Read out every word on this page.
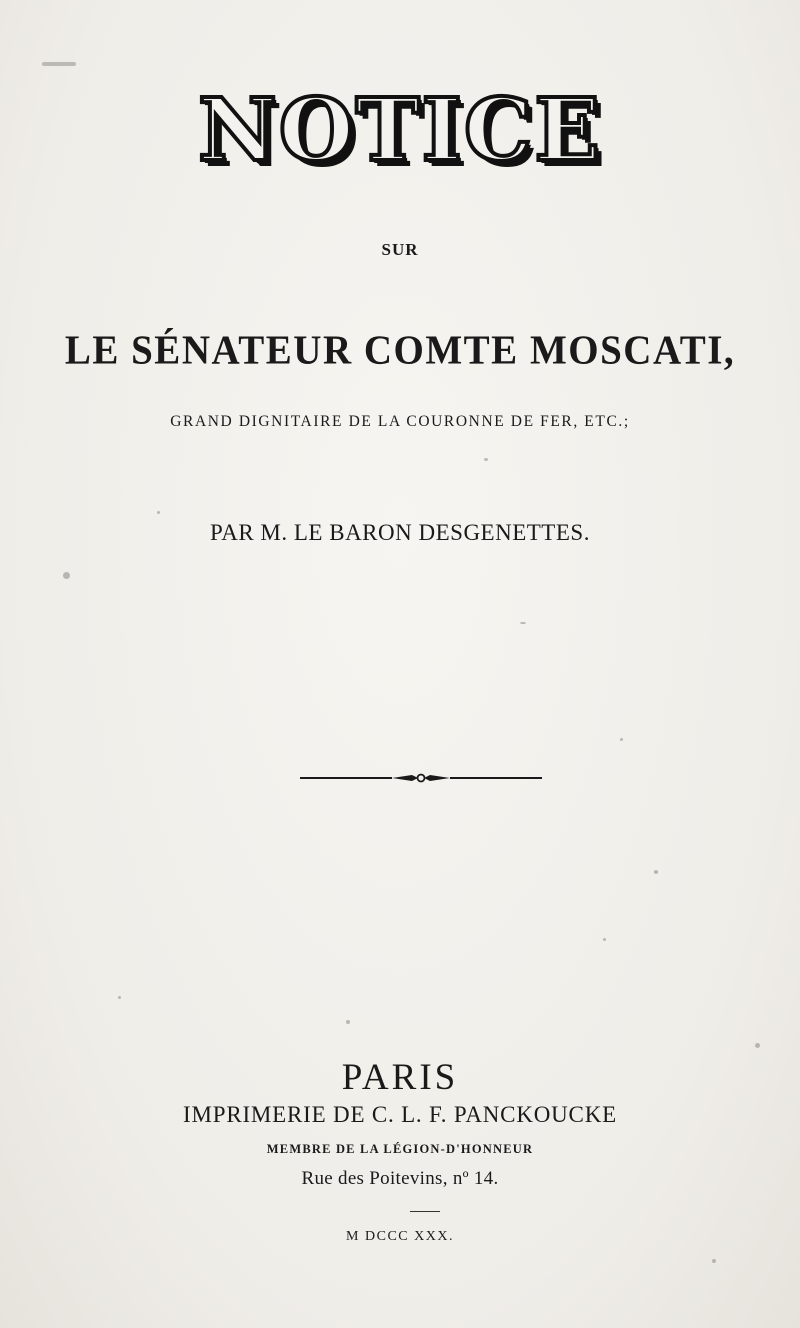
NOTICE
SUR
LE SÉNATEUR COMTE MOSCATI,
GRAND DIGNITAIRE DE LA COURONNE DE FER, ETC.;
PAR M. LE BARON DESGENETTES.
PARIS
IMPRIMERIE DE C. L. F. PANCKOUCKE
MEMBRE DE LA LÉGION-D'HONNEUR
Rue des Poitevins, nº 14.
M DCCC XXX.
